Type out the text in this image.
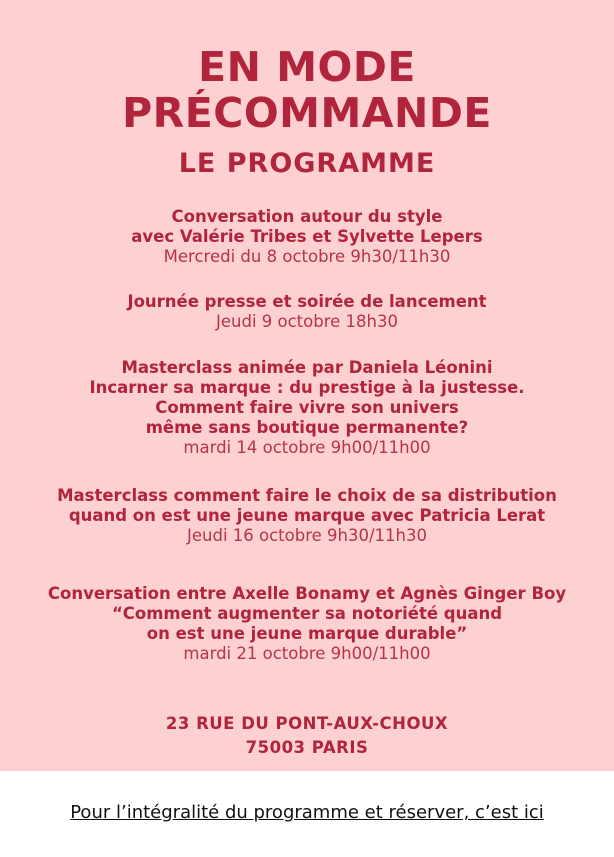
EN MODE
PRÉCOMMANDE
LE PROGRAMME
Conversation autour du style
avec Valérie Tribes et Sylvette Lepers
Mercredi du 8 octobre 9h30/11h30
Journée presse et soirée de lancement
Jeudi 9 octobre 18h30
Masterclass animée par Daniela Léonini
Incarner sa marque : du prestige à la justesse.
Comment faire vivre son univers
même sans boutique permanente?
mardi 14 octobre 9h00/11h00
Masterclass comment faire le choix de sa distribution
quand on est une jeune marque avec Patricia Lerat
Jeudi 16 octobre 9h30/11h30
Conversation entre Axelle Bonamy et Agnès Ginger Boy
“Comment augmenter sa notoriété quand
on est une jeune marque durable”
mardi 21 octobre 9h00/11h00
23 RUE DU PONT-AUX-CHOUX
75003 PARIS
Pour l’intégralité du programme et réserver, c’est ici
